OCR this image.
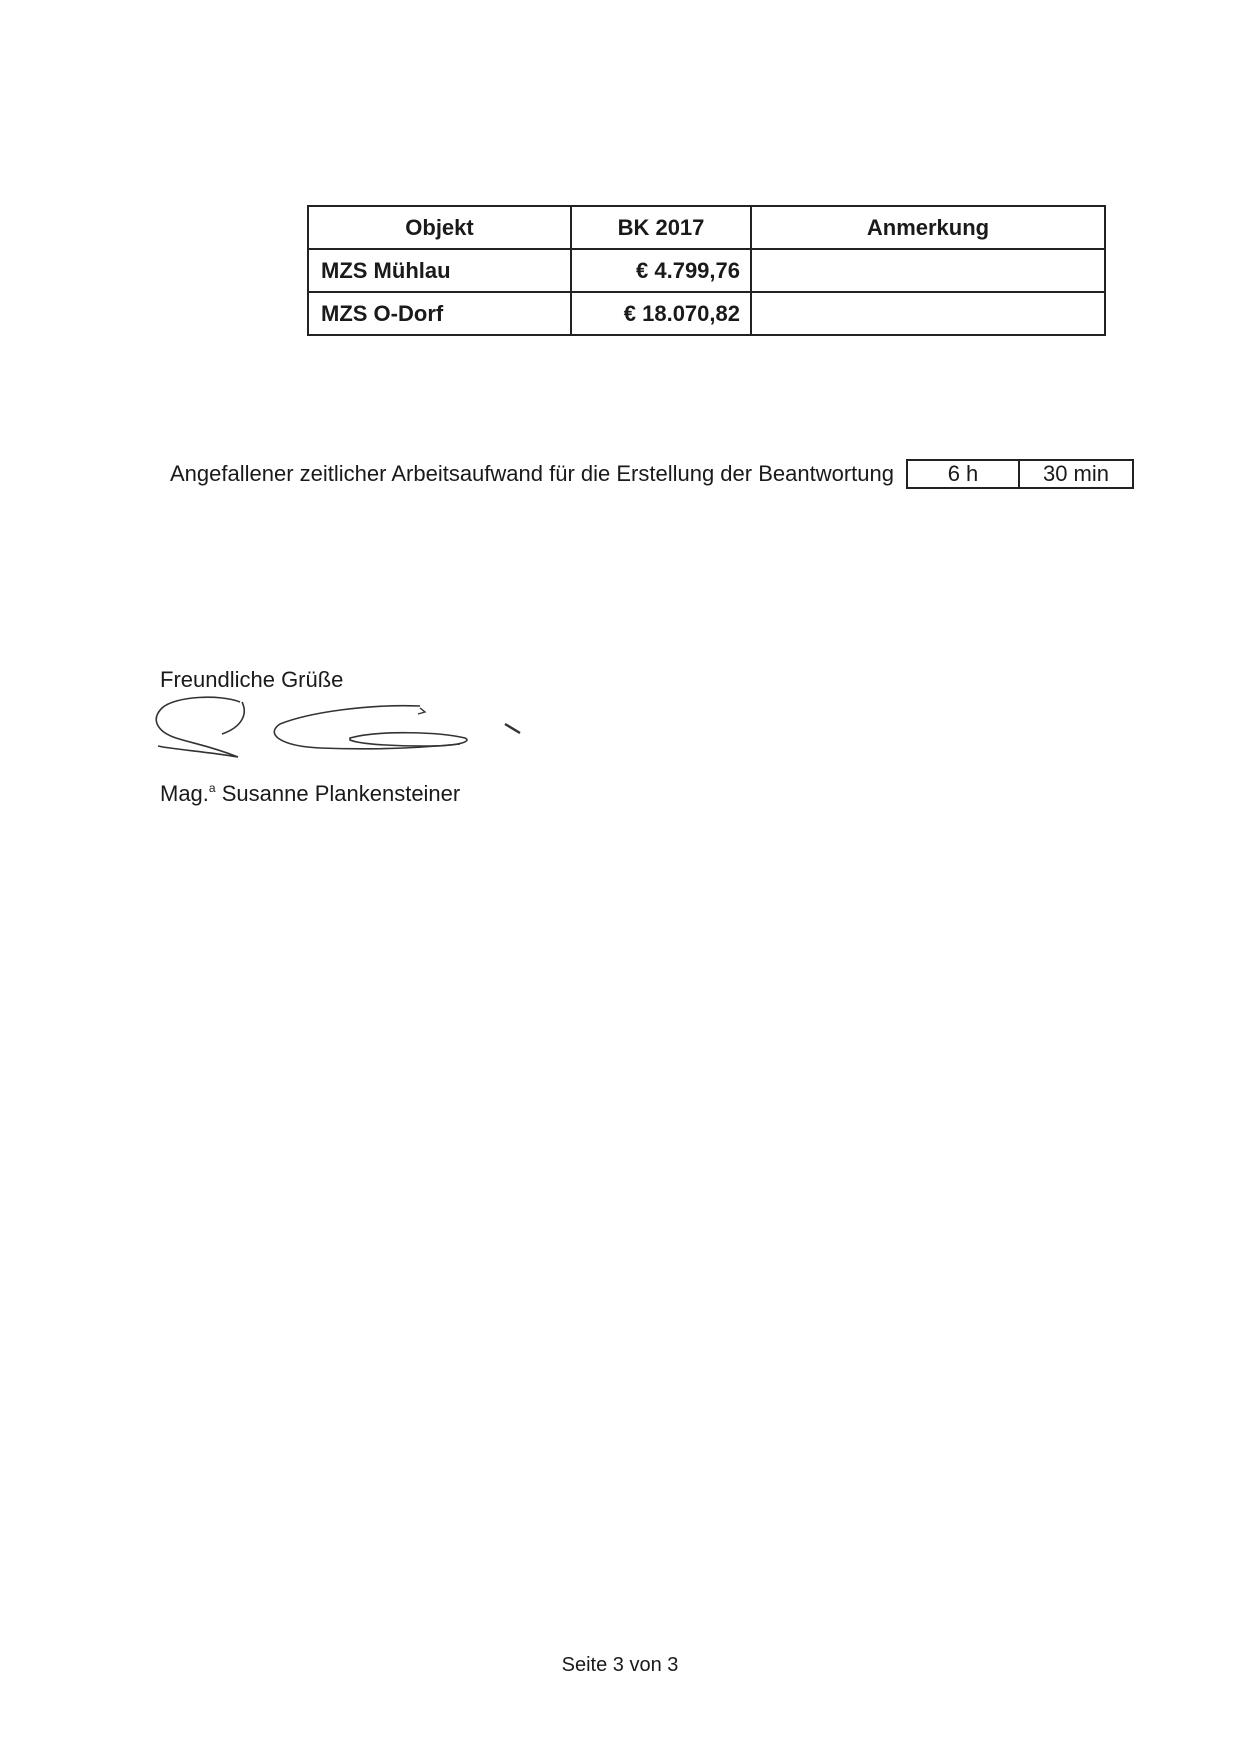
Objekt	BK 2017	Anmerkung
MZS Mühlau	€ 4.799,76	
MZS O-Dorf	€ 18.070,82	
Angefallener zeitlicher Arbeitsaufwand für die Erstellung der Beantwortung	6 h	30 min
Freundliche Grüße
Mag.$^a$ Susanne Plankensteiner
Seite 3 von 3
